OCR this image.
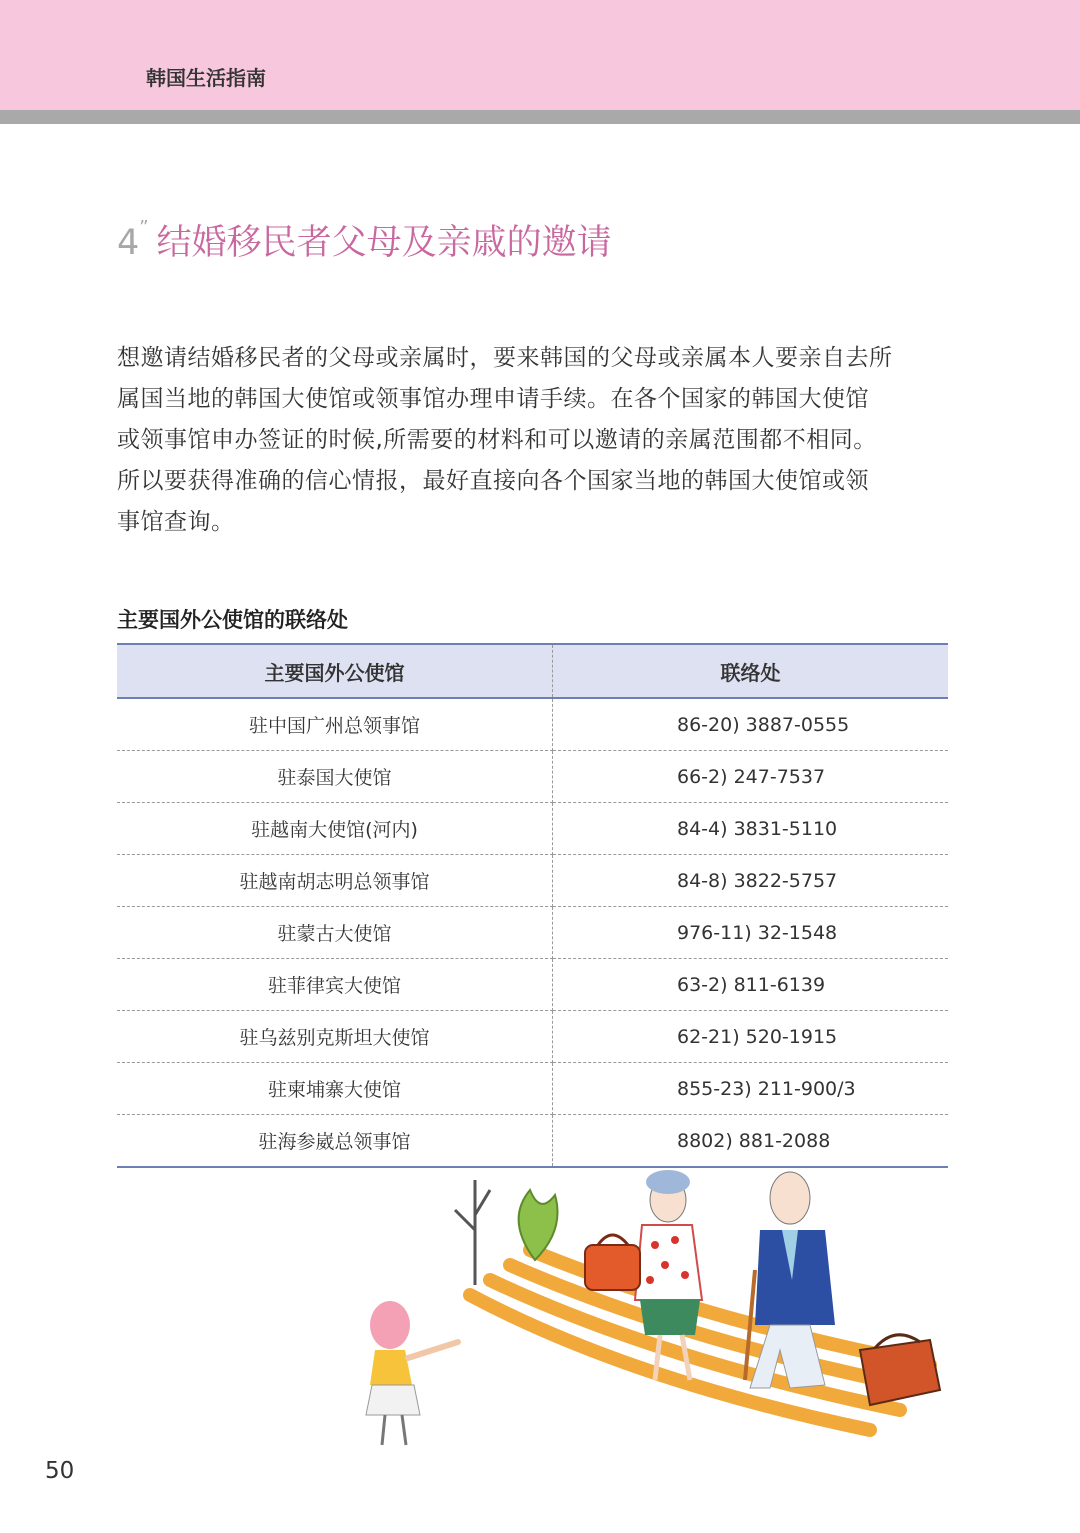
韩国生活指南
4” 结婚移民者父母及亲戚的邀请
想邀请结婚移民者的父母或亲属时，要来韩国的父母或亲属本人要亲自去所
属国当地的韩国大使馆或领事馆办理申请手续。在各个国家的韩国大使馆
或领事馆申办签证的时候,所需要的材料和可以邀请的亲属范围都不相同。
所以要获得准确的信心情报，最好直接向各个国家当地的韩国大使馆或领
事馆查询。
主要国外公使馆的联络处
主要国外公使馆	联络处
驻中国广州总领事馆	86-20) 3887-0555
驻泰国大使馆	66-2) 247-7537
驻越南大使馆(河内)	84-4) 3831-5110
驻越南胡志明总领事馆	84-8) 3822-5757
驻蒙古大使馆	976-11) 32-1548
驻菲律宾大使馆	63-2) 811-6139
驻乌兹别克斯坦大使馆	62-21) 520-1915
驻柬埔寨大使馆	855-23) 211-900/3
驻海参崴总领事馆	8802) 881-2088
50
